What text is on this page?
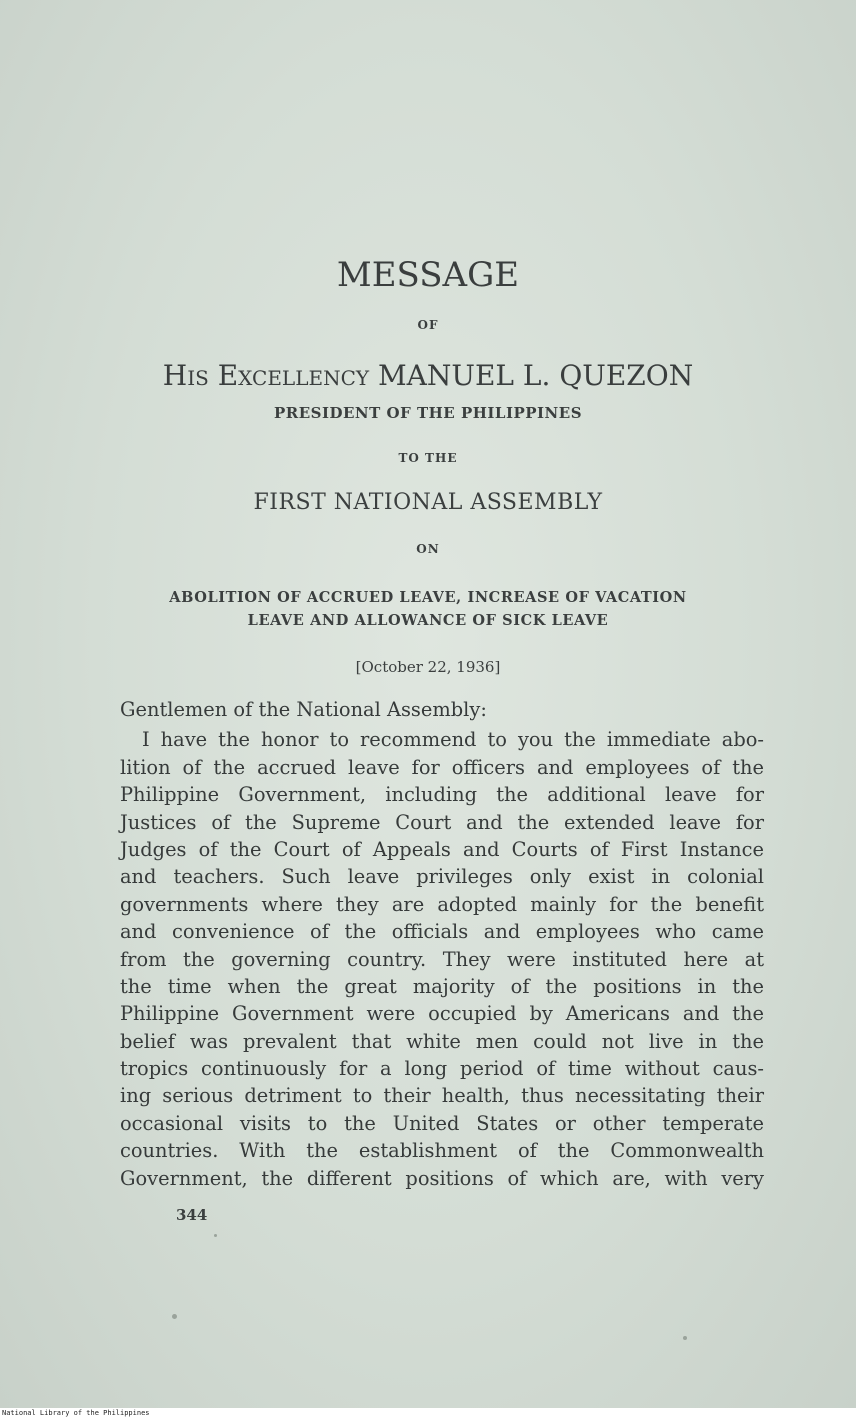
MESSAGE

OF

His Excellency MANUEL L. QUEZON

PRESIDENT OF THE PHILIPPINES

TO THE

FIRST NATIONAL ASSEMBLY

ON

ABOLITION OF ACCRUED LEAVE, INCREASE OF VACATION
LEAVE AND ALLOWANCE OF SICK LEAVE

[October 22, 1936]

Gentlemen of the National Assembly:

I have the honor to recommend to you the immediate abo-

lition of the accrued leave for officers and employees of the

Philippine Government, including the additional leave for

Justices of the Supreme Court and the extended leave for

Judges of the Court of Appeals and Courts of First Instance

and teachers. Such leave privileges only exist in colonial

governments where they are adopted mainly for the benefit

and convenience of the officials and employees who came

from the governing country. They were instituted here at

the time when the great majority of the positions in the

Philippine Government were occupied by Americans and the

belief was prevalent that white men could not live in the

tropics continuously for a long period of time without caus-

ing serious detriment to their health, thus necessitating their

occasional visits to the United States or other temperate

countries. With the establishment of the Commonwealth

Government, the different positions of which are, with very

344

National Library of the Philippines
